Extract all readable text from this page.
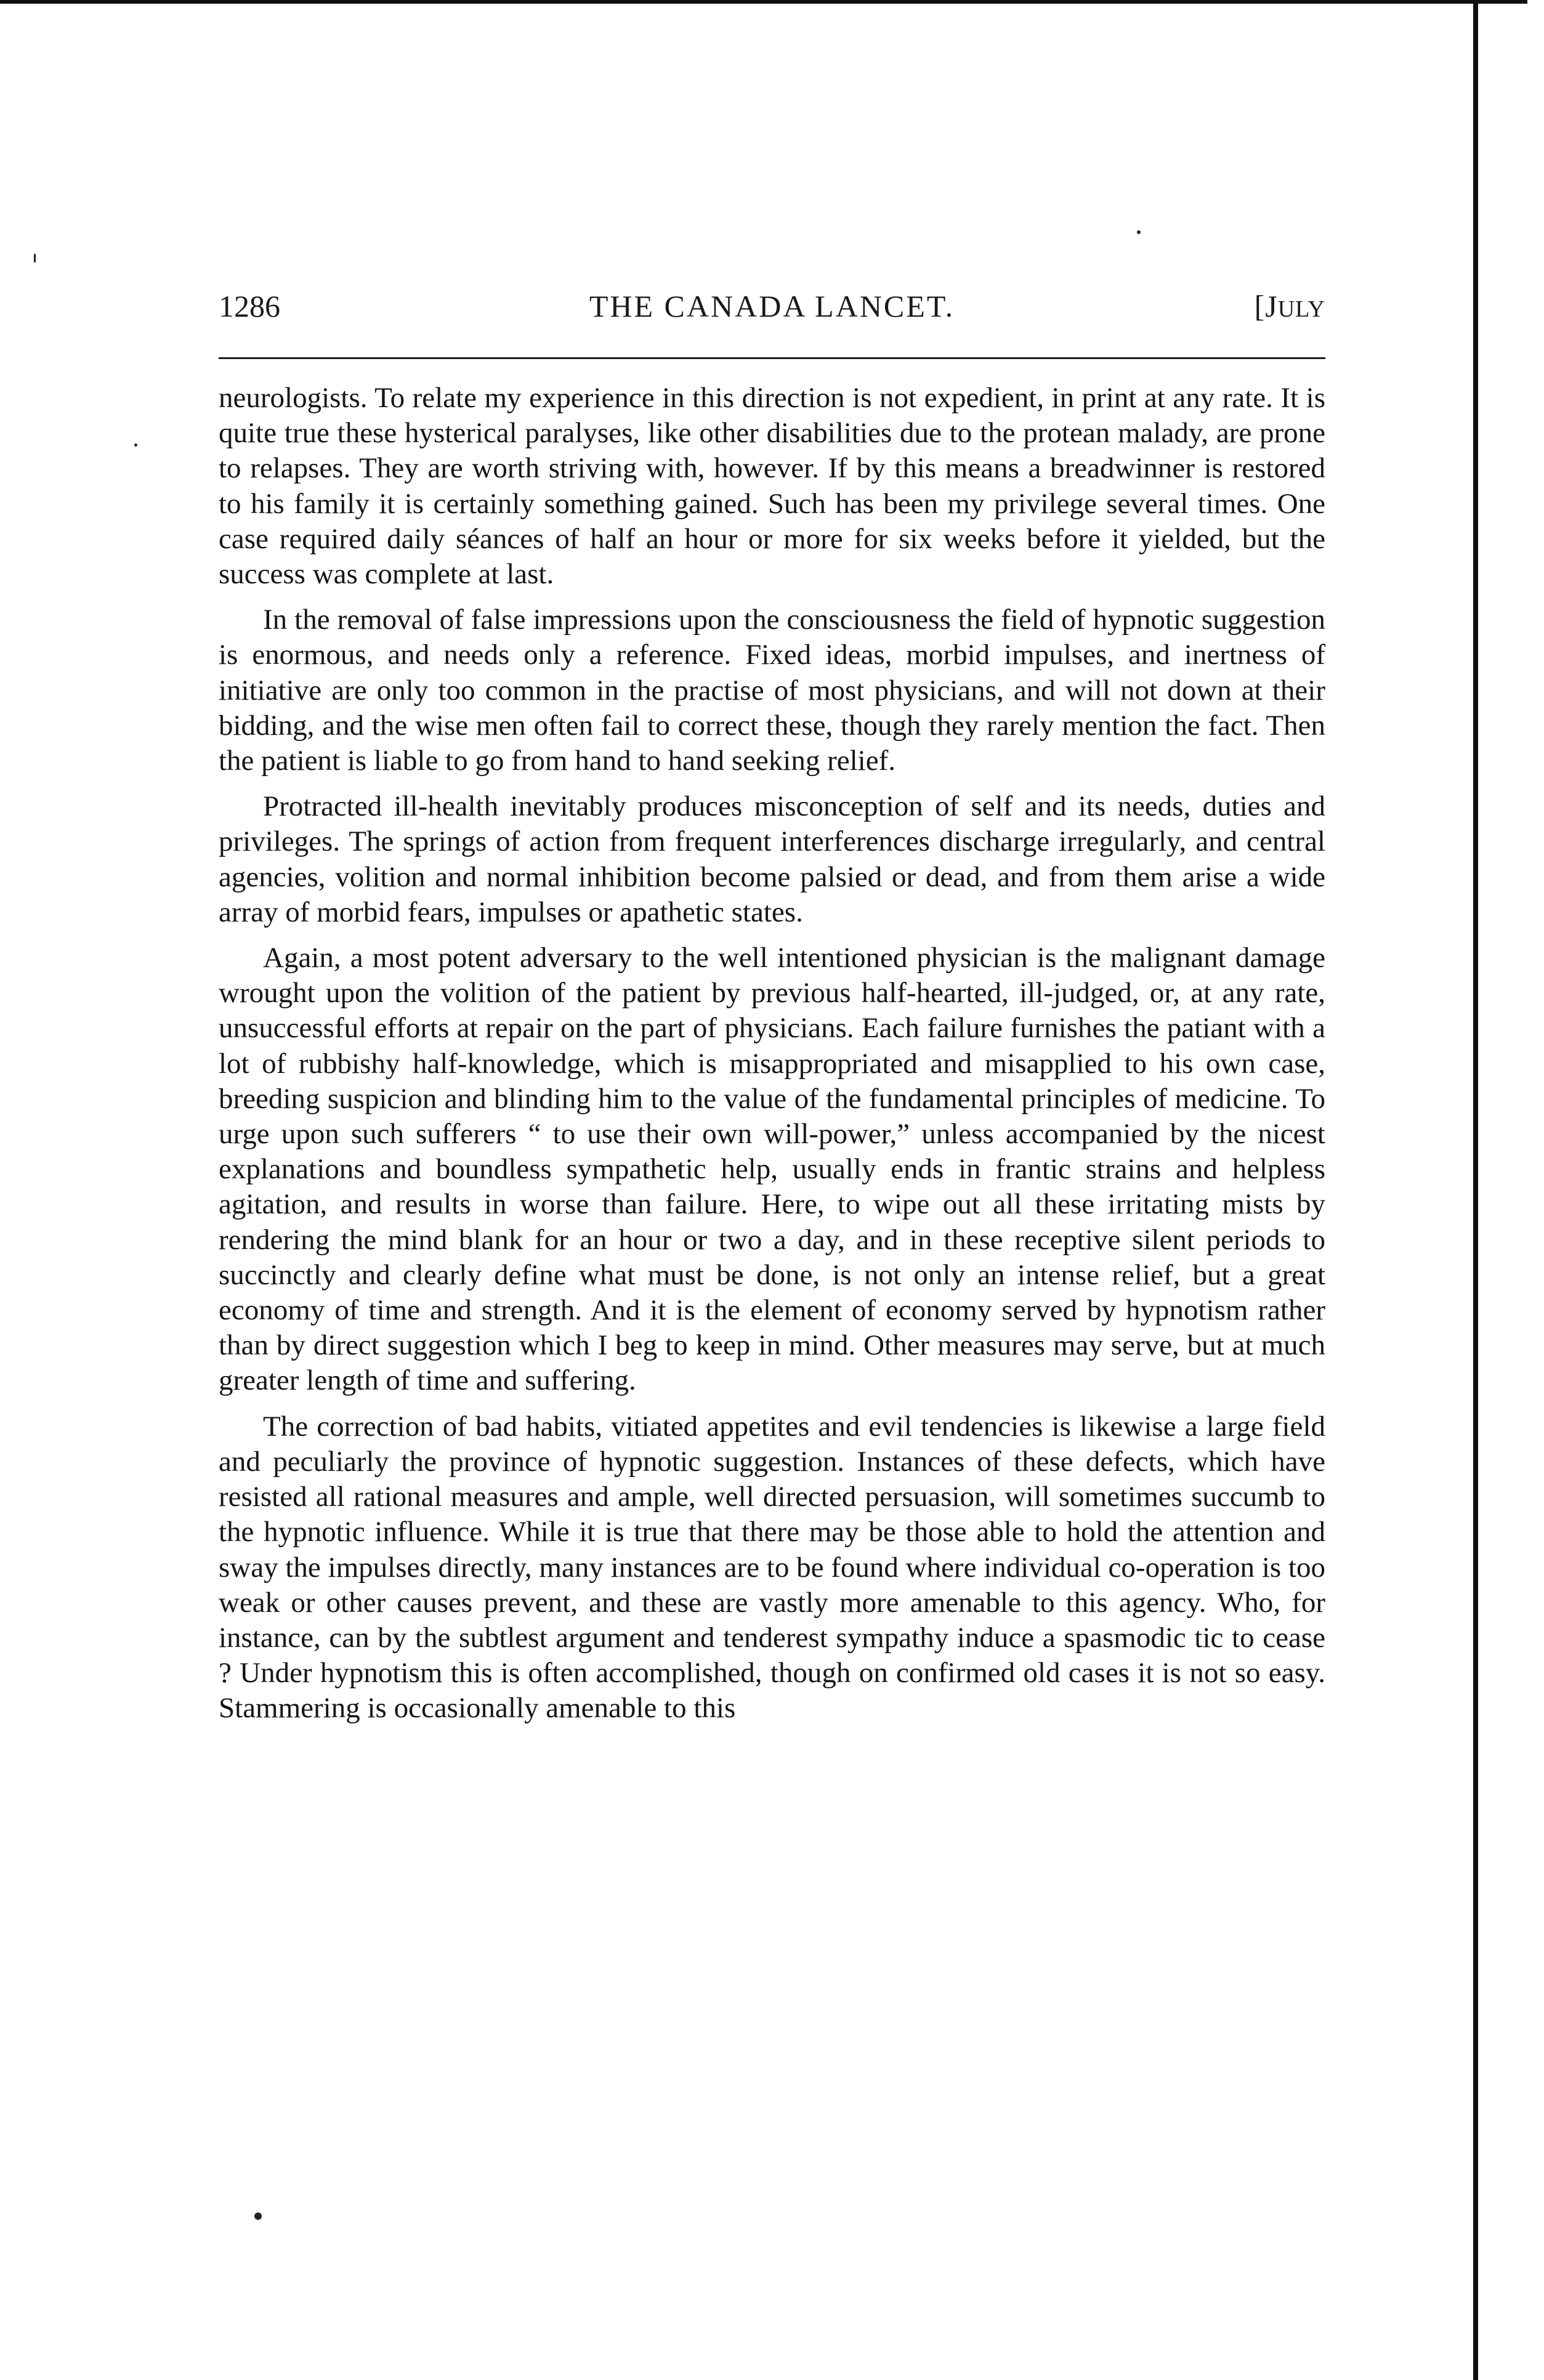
1286	THE CANADA LANCET.	[JULY

neurologists. To relate my experience in this direction is not expedient, in print at any rate. It is quite true these hysterical paralyses, like other disabilities due to the protean malady, are prone to relapses. They are worth striving with, however. If by this means a breadwinner is restored to his family it is certainly something gained. Such has been my privilege several times. One case required daily séances of half an hour or more for six weeks before it yielded, but the success was complete at last.

In the removal of false impressions upon the consciousness the field of hypnotic suggestion is enormous, and needs only a reference. Fixed ideas, morbid impulses, and inertness of initiative are only too common in the practise of most physicians, and will not down at their bidding, and the wise men often fail to correct these, though they rarely mention the fact. Then the patient is liable to go from hand to hand seeking relief.

Protracted ill-health inevitably produces misconception of self and its needs, duties and privileges. The springs of action from frequent interferences discharge irregularly, and central agencies, volition and normal inhibition become palsied or dead, and from them arise a wide array of morbid fears, impulses or apathetic states.

Again, a most potent adversary to the well intentioned physician is the malignant damage wrought upon the volition of the patient by previous half-hearted, ill-judged, or, at any rate, unsuccessful efforts at repair on the part of physicians. Each failure furnishes the patiant with a lot of rubbishy half-knowledge, which is misappropriated and misapplied to his own case, breeding suspicion and blinding him to the value of the fundamental principles of medicine. To urge upon such sufferers “ to use their own will-power,” unless accompanied by the nicest explanations and boundless sympathetic help, usually ends in frantic strains and helpless agitation, and results in worse than failure. Here, to wipe out all these irritating mists by rendering the mind blank for an hour or two a day, and in these receptive silent periods to succinctly and clearly define what must be done, is not only an intense relief, but a great economy of time and strength. And it is the element of economy served by hypnotism rather than by direct suggestion which I beg to keep in mind. Other measures may serve, but at much greater length of time and suffering.

The correction of bad habits, vitiated appetites and evil tendencies is likewise a large field and peculiarly the province of hypnotic suggestion. Instances of these defects, which have resisted all rational measures and ample, well directed persuasion, will sometimes succumb to the hypnotic influence. While it is true that there may be those able to hold the attention and sway the impulses directly, many instances are to be found where individual co-operation is too weak or other causes prevent, and these are vastly more amenable to this agency. Who, for instance, can by the subtlest argument and tenderest sympathy induce a spasmodic tic to cease ? Under hypnotism this is often accomplished, though on confirmed old cases it is not so easy. Stammering is occasionally amenable to this
